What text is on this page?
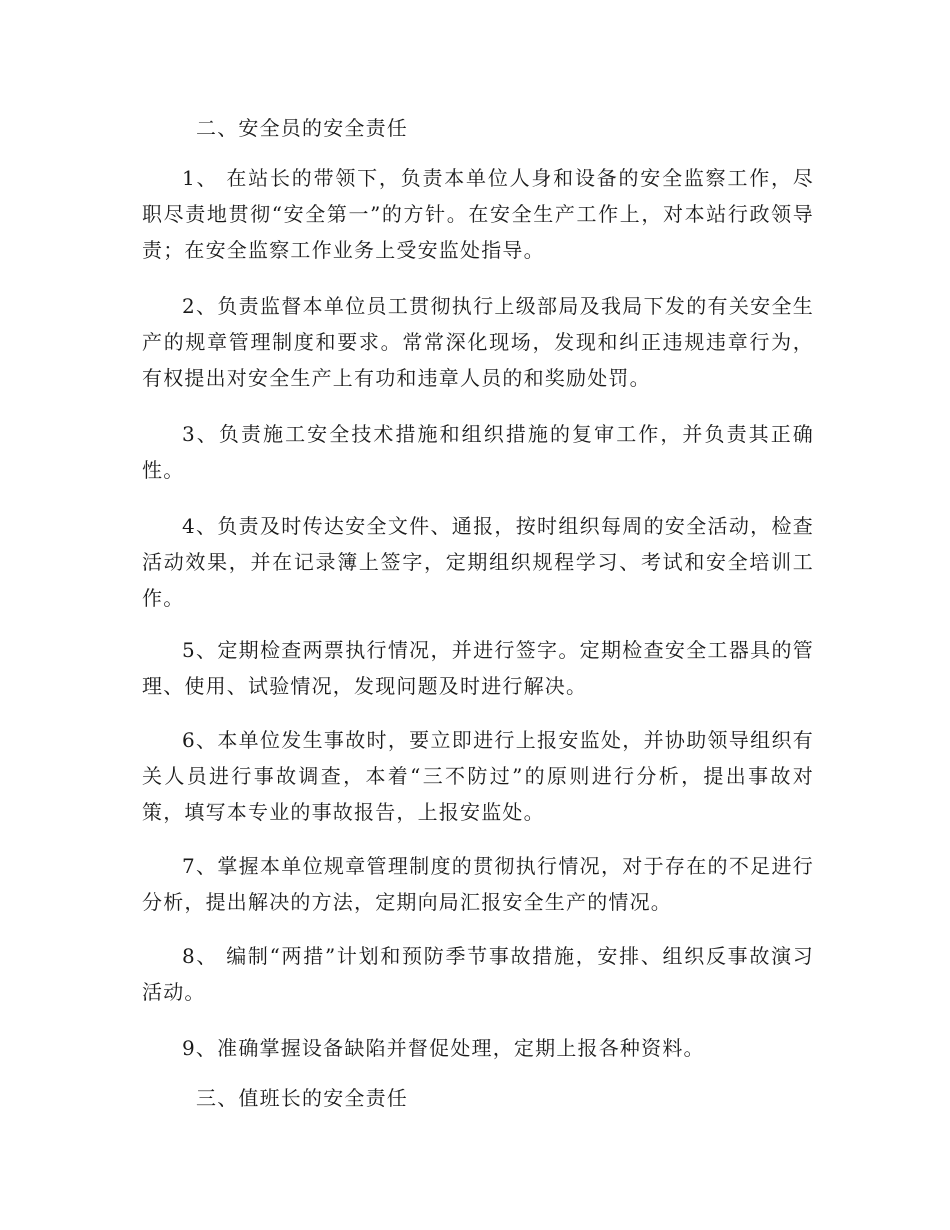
二、安全员的安全责任
1、 在站长的带领下，负责本单位人身和设备的安全监察工作，尽职尽责地贯彻“安全第一”的方针。在安全生产工作上，对本站行政领导责；在安全监察工作业务上受安监处指导。
2、负责监督本单位员工贯彻执行上级部局及我局下发的有关安全生产的规章管理制度和要求。常常深化现场，发现和纠正违规违章行为，有权提出对安全生产上有功和违章人员的和奖励处罚。
3、负责施工安全技术措施和组织措施的复审工作，并负责其正确性。
4、负责及时传达安全文件、通报，按时组织每周的安全活动，检查活动效果，并在记录簿上签字，定期组织规程学习、考试和安全培训工作。
5、定期检查两票执行情况，并进行签字。定期检查安全工器具的管理、使用、试验情况，发现问题及时进行解决。
6、本单位发生事故时，要立即进行上报安监处，并协助领导组织有关人员进行事故调查，本着“三不防过”的原则进行分析，提出事故对策，填写本专业的事故报告，上报安监处。
7、掌握本单位规章管理制度的贯彻执行情况，对于存在的不足进行分析，提出解决的方法，定期向局汇报安全生产的情况。
8、 编制“两措”计划和预防季节事故措施，安排、组织反事故演习活动。
9、准确掌握设备缺陷并督促处理，定期上报各种资料。
三、值班长的安全责任
